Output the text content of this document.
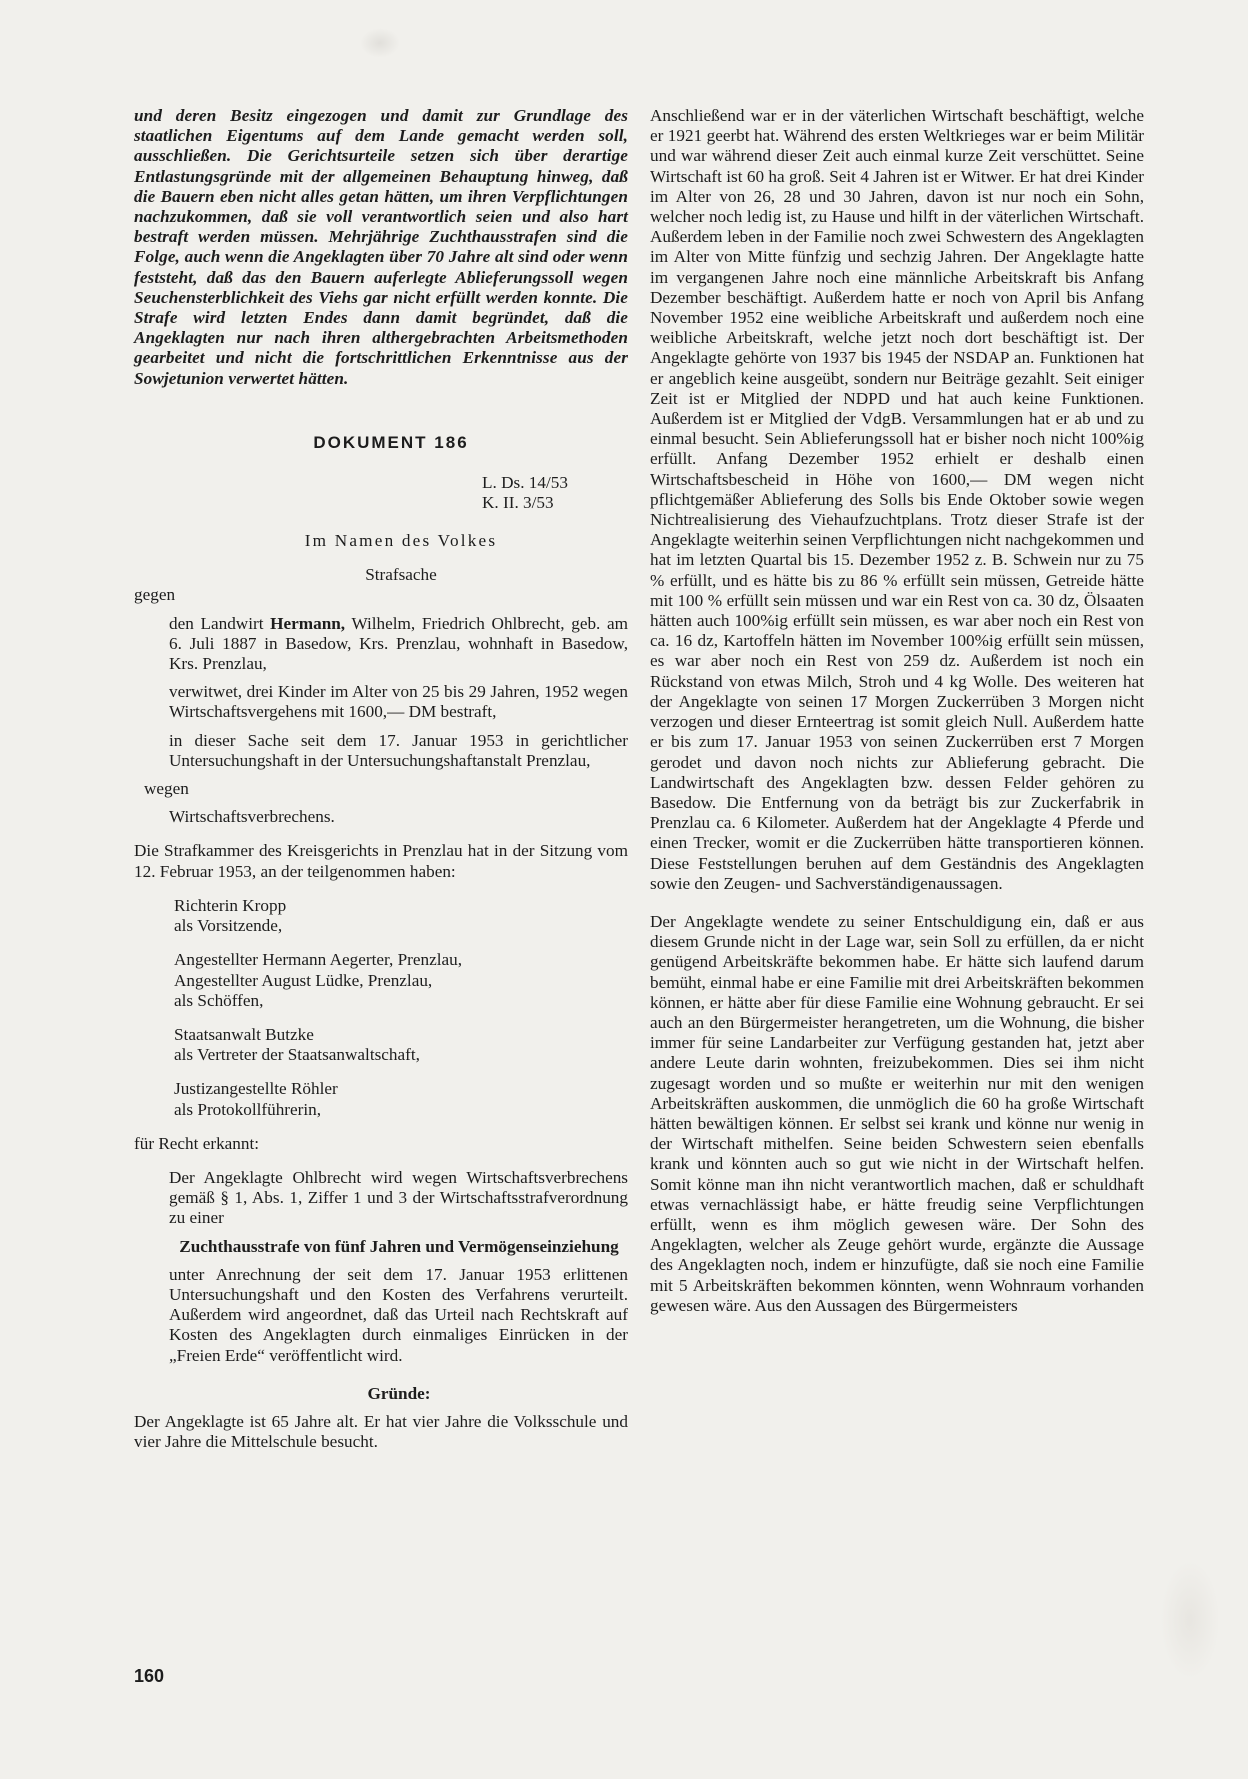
und deren Besitz eingezogen und damit zur Grundlage des staatlichen Eigentums auf dem Lande gemacht werden soll, ausschließen. Die Gerichtsurteile setzen sich über derartige Entlastungsgründe mit der allgemeinen Behauptung hinweg, daß die Bauern eben nicht alles getan hätten, um ihren Verpflichtungen nachzukommen, daß sie voll verantwortlich seien und also hart bestraft werden müssen. Mehrjährige Zuchthausstrafen sind die Folge, auch wenn die Angeklagten über 70 Jahre alt sind oder wenn feststeht, daß das den Bauern auferlegte Ablieferungssoll wegen Seuchensterblichkeit des Viehs gar nicht erfüllt werden konnte. Die Strafe wird letzten Endes dann damit begründet, daß die Angeklagten nur nach ihren althergebrachten Arbeitsmethoden gearbeitet und nicht die fortschrittlichen Erkenntnisse aus der Sowjetunion verwertet hätten.

DOKUMENT 186
L. Ds. 14/53
K. II. 3/53

Im Namen des Volkes

Strafsache

gegen

den Landwirt Hermann, Wilhelm, Friedrich Ohlbrecht, geb. am 6. Juli 1887 in Basedow, Krs. Prenzlau, wohnhaft in Basedow, Krs. Prenzlau,

verwitwet, drei Kinder im Alter von 25 bis 29 Jahren, 1952 wegen Wirtschaftsvergehens mit 1600,— DM bestraft,

in dieser Sache seit dem 17. Januar 1953 in gerichtlicher Untersuchungshaft in der Untersuchungshaftanstalt Prenzlau,

wegen

Wirtschaftsverbrechens.

Die Strafkammer des Kreisgerichts in Prenzlau hat in der Sitzung vom 12. Februar 1953, an der teilgenommen haben:

Richterin Kropp

als Vorsitzende,

Angestellter Hermann Aegerter, Prenzlau,

Angestellter August Lüdke, Prenzlau,

als Schöffen,

Staatsanwalt Butzke

als Vertreter der Staatsanwaltschaft,

Justizangestellte Röhler

als Protokollführerin,

für Recht erkannt:

Der Angeklagte Ohlbrecht wird wegen Wirtschaftsverbrechens gemäß § 1, Abs. 1, Ziffer 1 und 3 der Wirtschaftsstrafverordnung zu einer

Zuchthausstrafe von fünf Jahren und Vermögenseinziehung

unter Anrechnung der seit dem 17. Januar 1953 erlittenen Untersuchungshaft und den Kosten des Verfahrens verurteilt. Außerdem wird angeordnet, daß das Urteil nach Rechtskraft auf Kosten des Angeklagten durch einmaliges Einrücken in der „Freien Erde“ veröffentlicht wird.

Gründe:

Der Angeklagte ist 65 Jahre alt. Er hat vier Jahre die Volksschule und vier Jahre die Mittelschule besucht.

Anschließend war er in der väterlichen Wirtschaft beschäftigt, welche er 1921 geerbt hat. Während des ersten Weltkrieges war er beim Militär und war während dieser Zeit auch einmal kurze Zeit verschüttet. Seine Wirtschaft ist 60 ha groß. Seit 4 Jahren ist er Witwer. Er hat drei Kinder im Alter von 26, 28 und 30 Jahren, davon ist nur noch ein Sohn, welcher noch ledig ist, zu Hause und hilft in der väterlichen Wirtschaft. Außerdem leben in der Familie noch zwei Schwestern des Angeklagten im Alter von Mitte fünfzig und sechzig Jahren. Der Angeklagte hatte im vergangenen Jahre noch eine männliche Arbeitskraft bis Anfang Dezember beschäftigt. Außerdem hatte er noch von April bis Anfang November 1952 eine weibliche Arbeitskraft und außerdem noch eine weibliche Arbeitskraft, welche jetzt noch dort beschäftigt ist. Der Angeklagte gehörte von 1937 bis 1945 der NSDAP an. Funktionen hat er angeblich keine ausgeübt, sondern nur Beiträge gezahlt. Seit einiger Zeit ist er Mitglied der NDPD und hat auch keine Funktionen. Außerdem ist er Mitglied der VdgB. Versammlungen hat er ab und zu einmal besucht. Sein Ablieferungssoll hat er bisher noch nicht 100%ig erfüllt. Anfang Dezember 1952 erhielt er deshalb einen Wirtschaftsbescheid in Höhe von 1600,— DM wegen nicht pflichtgemäßer Ablieferung des Solls bis Ende Oktober sowie wegen Nichtrealisierung des Viehaufzuchtplans. Trotz dieser Strafe ist der Angeklagte weiterhin seinen Verpflichtungen nicht nachgekommen und hat im letzten Quartal bis 15. Dezember 1952 z. B. Schwein nur zu 75 % erfüllt, und es hätte bis zu 86 % erfüllt sein müssen, Getreide hätte mit 100 % erfüllt sein müssen und war ein Rest von ca. 30 dz, Ölsaaten hätten auch 100%ig erfüllt sein müssen, es war aber noch ein Rest von ca. 16 dz, Kartoffeln hätten im November 100%ig erfüllt sein müssen, es war aber noch ein Rest von 259 dz. Außerdem ist noch ein Rückstand von etwas Milch, Stroh und 4 kg Wolle. Des weiteren hat der Angeklagte von seinen 17 Morgen Zuckerrüben 3 Morgen nicht verzogen und dieser Ernteertrag ist somit gleich Null. Außerdem hatte er bis zum 17. Januar 1953 von seinen Zuckerrüben erst 7 Morgen gerodet und davon noch nichts zur Ablieferung gebracht. Die Landwirtschaft des Angeklagten bzw. dessen Felder gehören zu Basedow. Die Entfernung von da beträgt bis zur Zuckerfabrik in Prenzlau ca. 6 Kilometer. Außerdem hat der Angeklagte 4 Pferde und einen Trecker, womit er die Zuckerrüben hätte transportieren können. Diese Feststellungen beruhen auf dem Geständnis des Angeklagten sowie den Zeugen- und Sachverständigenaussagen.

Der Angeklagte wendete zu seiner Entschuldigung ein, daß er aus diesem Grunde nicht in der Lage war, sein Soll zu erfüllen, da er nicht genügend Arbeitskräfte bekommen habe. Er hätte sich laufend darum bemüht, einmal habe er eine Familie mit drei Arbeitskräften bekommen können, er hätte aber für diese Familie eine Wohnung gebraucht. Er sei auch an den Bürgermeister herangetreten, um die Wohnung, die bisher immer für seine Landarbeiter zur Verfügung gestanden hat, jetzt aber andere Leute darin wohnten, freizubekommen. Dies sei ihm nicht zugesagt worden und so mußte er weiterhin nur mit den wenigen Arbeitskräften auskommen, die unmöglich die 60 ha große Wirtschaft hätten bewältigen können. Er selbst sei krank und könne nur wenig in der Wirtschaft mithelfen. Seine beiden Schwestern seien ebenfalls krank und könnten auch so gut wie nicht in der Wirtschaft helfen. Somit könne man ihn nicht verantwortlich machen, daß er schuldhaft etwas vernachlässigt habe, er hätte freudig seine Verpflichtungen erfüllt, wenn es ihm möglich gewesen wäre. Der Sohn des Angeklagten, welcher als Zeuge gehört wurde, ergänzte die Aussage des Angeklagten noch, indem er hinzufügte, daß sie noch eine Familie mit 5 Arbeitskräften bekommen könnten, wenn Wohnraum vorhanden gewesen wäre. Aus den Aussagen des Bürgermeisters

160
